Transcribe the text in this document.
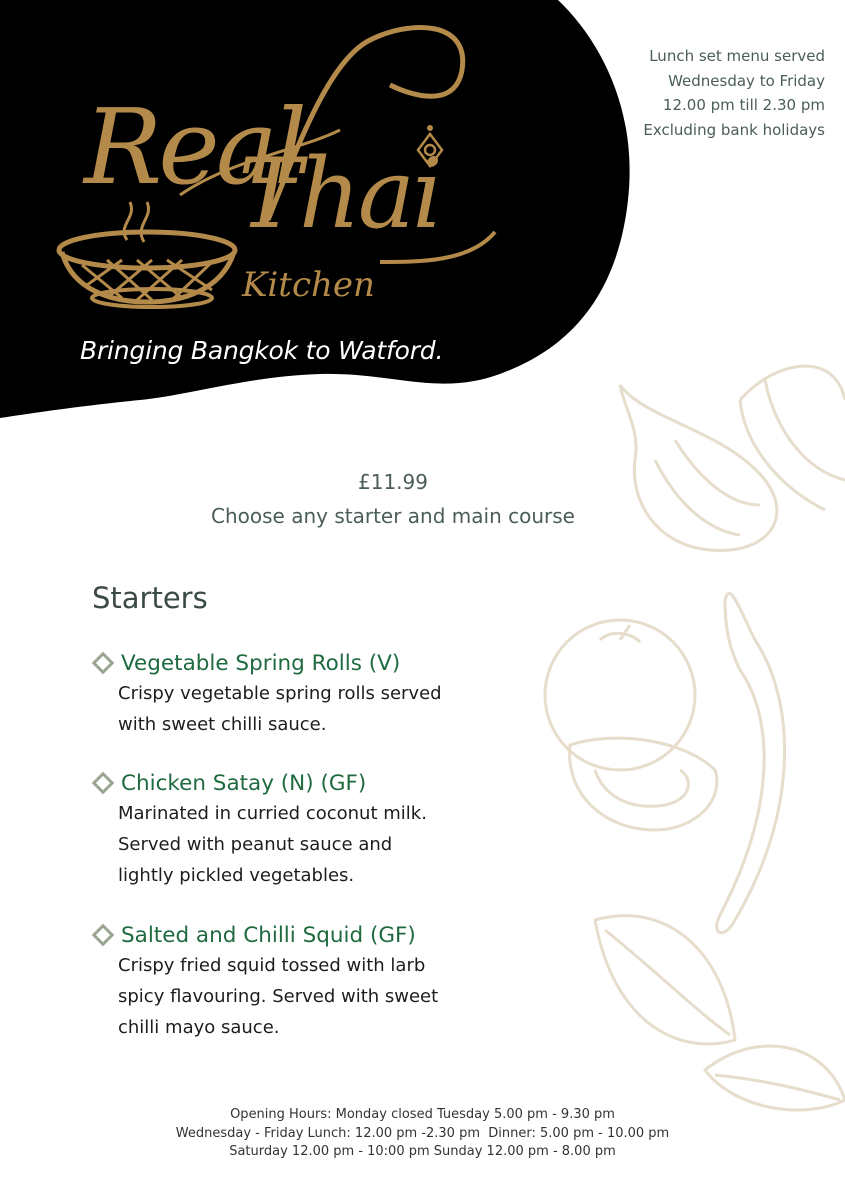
Real
Thai
Kitchen
Bringing Bangkok to Watford.
Lunch set menu served
Wednesday to Friday
12.00 pm till 2.30 pm
Excluding bank holidays
£11.99
Choose any starter and main course
Starters
Vegetable Spring Rolls (V)
Crispy vegetable spring rolls served
with sweet chilli sauce.
Chicken Satay (N) (GF)
Marinated in curried coconut milk.
Served with peanut sauce and
lightly pickled vegetables.
Salted and Chilli Squid (GF)
Crispy fried squid tossed with larb
spicy flavouring. Served with sweet
chilli mayo sauce.
Opening Hours: Monday closed Tuesday 5.00 pm - 9.30 pm
Wednesday - Friday Lunch: 12.00 pm -2.30 pm  Dinner: 5.00 pm - 10.00 pm
Saturday 12.00 pm - 10:00 pm Sunday 12.00 pm - 8.00 pm
